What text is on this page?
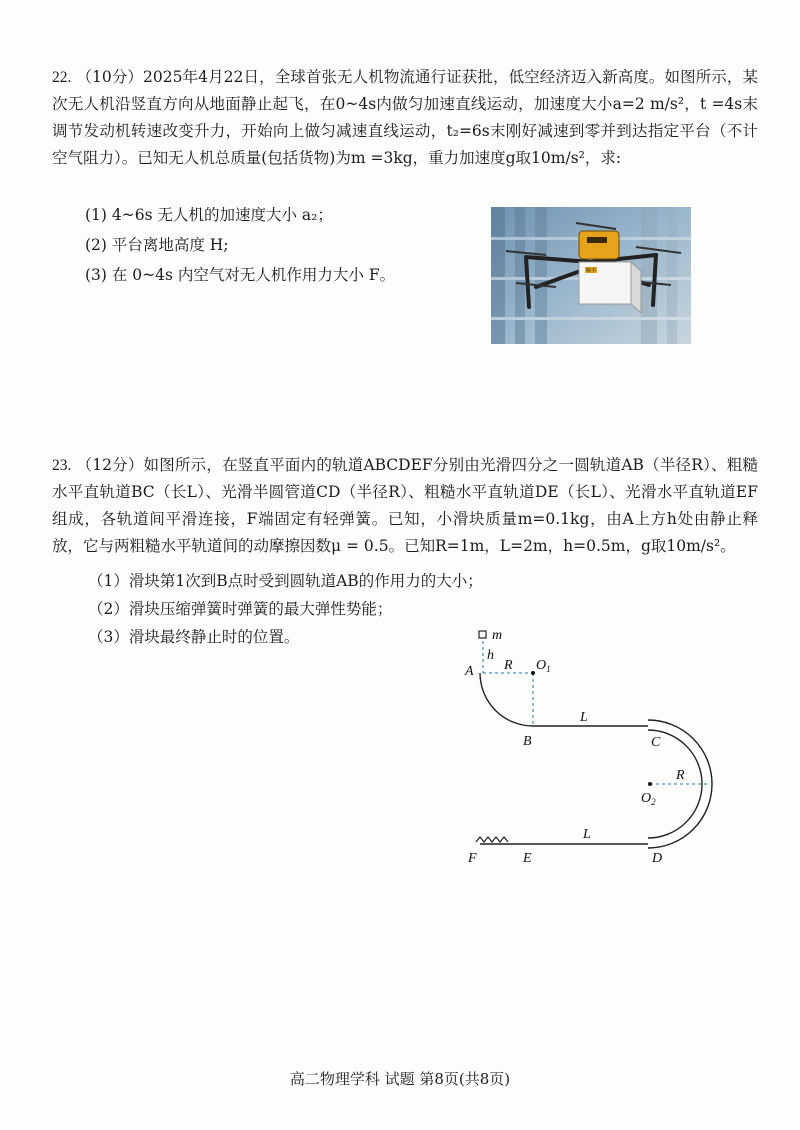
22. （10分）2025年4月22日，全球首张无人机物流通行证获批，低空经济迈入新高度。如图所示，某次无人机沿竖直方向从地面静止起飞，在0~4s内做匀加速直线运动，加速度大小a=2 m/s²，t =4s末调节发动机转速改变升力，开始向上做匀减速直线运动，t₂=6s末刚好减速到零并到达指定平台（不计空气阻力）。已知无人机总质量(包括货物)为m =3kg，重力加速度g取10m/s²，求:
(1) 4~6s 无人机的加速度大小 a₂；
(2) 平台离地高度 H;
(3) 在 0~4s 内空气对无人机作用力大小 F。	顺丰
23. （12分）如图所示，在竖直平面内的轨道ABCDEF分别由光滑四分之一圆轨道AB（半径R）、粗糙水平直轨道BC（长L）、光滑半圆管道CD（半径R）、粗糙水平直轨道DE（长L）、光滑水平直轨道EF组成，各轨道间平滑连接，F端固定有轻弹簧。已知，小滑块质量m=0.1kg，由A上方h处由静止释放，它与两粗糙水平轨道间的动摩擦因数μ = 0.5。已知R=1m，L=2m，h=0.5m，g取10m/s²。
（1）滑块第1次到B点时受到圆轨道AB的作用力的大小；
（2）滑块压缩弹簧时弹簧的最大弹性势能；
（3）滑块最终静止时的位置。	m
h
A R $O_1$
B
L
C
R
$O_2$
L
F	E	D
高二物理学科 试题 第8页(共8页)
